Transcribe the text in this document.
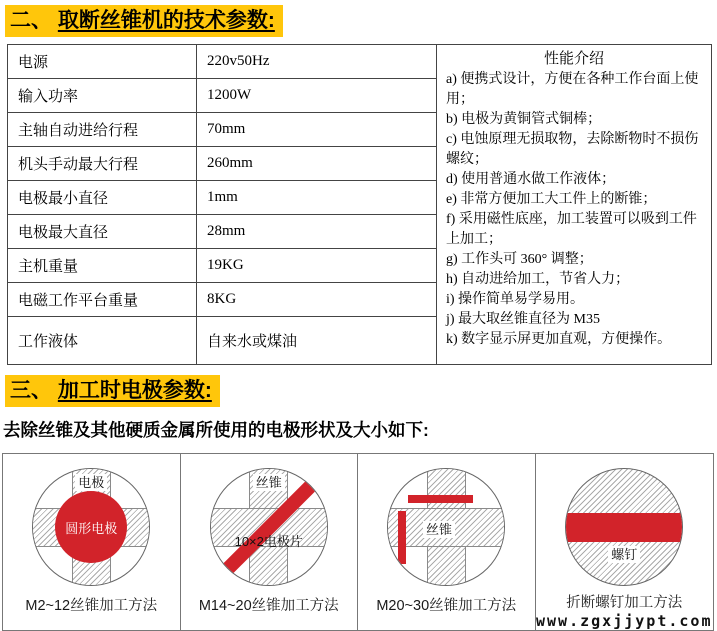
二、 取断丝锥机的技术参数:
电源	220v50Hz
输入功率	1200W
主轴自动进给行程	70mm
机头手动最大行程	260mm
电极最小直径	1mm
电极最大直径	28mm
主机重量	19KG
电磁工作平台重量	8KG
工作液体	自来水或煤油
性能介绍
a) 便携式设计，方便在各种工作台面上使用；
b) 电极为黄铜管式铜棒；
c) 电蚀原理无损取物，去除断物时不损伤螺纹；
d) 使用普通水做工作液体；
e) 非常方便加工大工件上的断锥；
f) 采用磁性底座，加工装置可以吸到工件上加工；
g) 工作头可 360° 调整；
h) 自动进给加工，节省人力；
i) 操作简单易学易用。
j) 最大取丝锥直径为 M35
k) 数字显示屏更加直观，方便操作。
三、 加工时电极参数:
去除丝锥及其他硬质金属所使用的电极形状及大小如下:
电极
圆形电极
M2~12丝锥加工方法
丝锥
10×2电极片
M14~20丝锥加工方法
丝锥
M20~30丝锥加工方法
螺钉
折断螺钉加工方法
www.zgxjjypt.com
